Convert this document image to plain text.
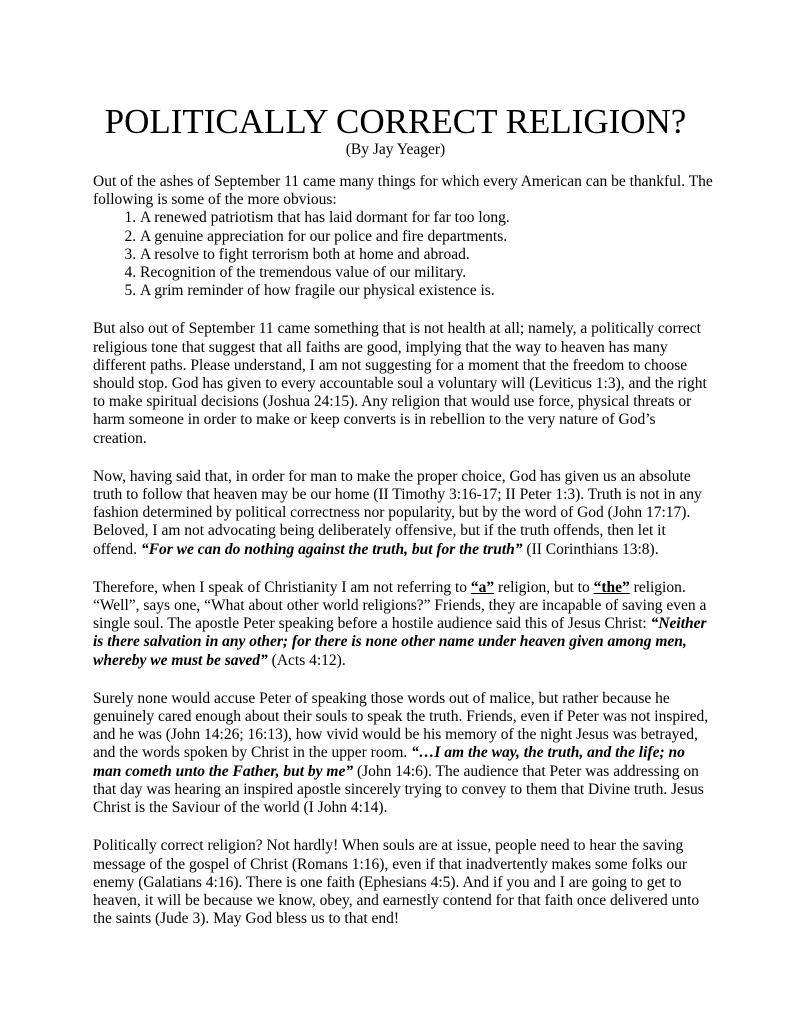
POLITICALLY CORRECT RELIGION?

(By Jay Yeager)

Out of the ashes of September 11 came many things for which every American can be thankful. The following is some of the more obvious:

1. A renewed patriotism that has laid dormant for far too long.
2. A genuine appreciation for our police and fire departments.
3. A resolve to fight terrorism both at home and abroad.
4. Recognition of the tremendous value of our military.
5. A grim reminder of how fragile our physical existence is.

But also out of September 11 came something that is not health at all; namely, a politically correct religious tone that suggest that all faiths are good, implying that the way to heaven has many different paths. Please understand, I am not suggesting for a moment that the freedom to choose should stop. God has given to every accountable soul a voluntary will (Leviticus 1:3), and the right to make spiritual decisions (Joshua 24:15). Any religion that would use force, physical threats or harm someone in order to make or keep converts is in rebellion to the very nature of God’s creation.

Now, having said that, in order for man to make the proper choice, God has given us an absolute truth to follow that heaven may be our home (II Timothy 3:16-17; II Peter 1:3). Truth is not in any fashion determined by political correctness nor popularity, but by the word of God (John 17:17). Beloved, I am not advocating being deliberately offensive, but if the truth offends, then let it offend. “For we can do nothing against the truth, but for the truth” (II Corinthians 13:8).

Therefore, when I speak of Christianity I am not referring to “a” religion, but to “the” religion. “Well”, says one, “What about other world religions?” Friends, they are incapable of saving even a single soul. The apostle Peter speaking before a hostile audience said this of Jesus Christ: “Neither is there salvation in any other; for there is none other name under heaven given among men, whereby we must be saved” (Acts 4:12).

Surely none would accuse Peter of speaking those words out of malice, but rather because he genuinely cared enough about their souls to speak the truth. Friends, even if Peter was not inspired, and he was (John 14:26; 16:13), how vivid would be his memory of the night Jesus was betrayed, and the words spoken by Christ in the upper room. “…I am the way, the truth, and the life; no man cometh unto the Father, but by me” (John 14:6). The audience that Peter was addressing on that day was hearing an inspired apostle sincerely trying to convey to them that Divine truth. Jesus Christ is the Saviour of the world (I John 4:14).

Politically correct religion? Not hardly! When souls are at issue, people need to hear the saving message of the gospel of Christ (Romans 1:16), even if that inadvertently makes some folks our enemy (Galatians 4:16). There is one faith (Ephesians 4:5). And if you and I are going to get to heaven, it will be because we know, obey, and earnestly contend for that faith once delivered unto the saints (Jude 3). May God bless us to that end!
